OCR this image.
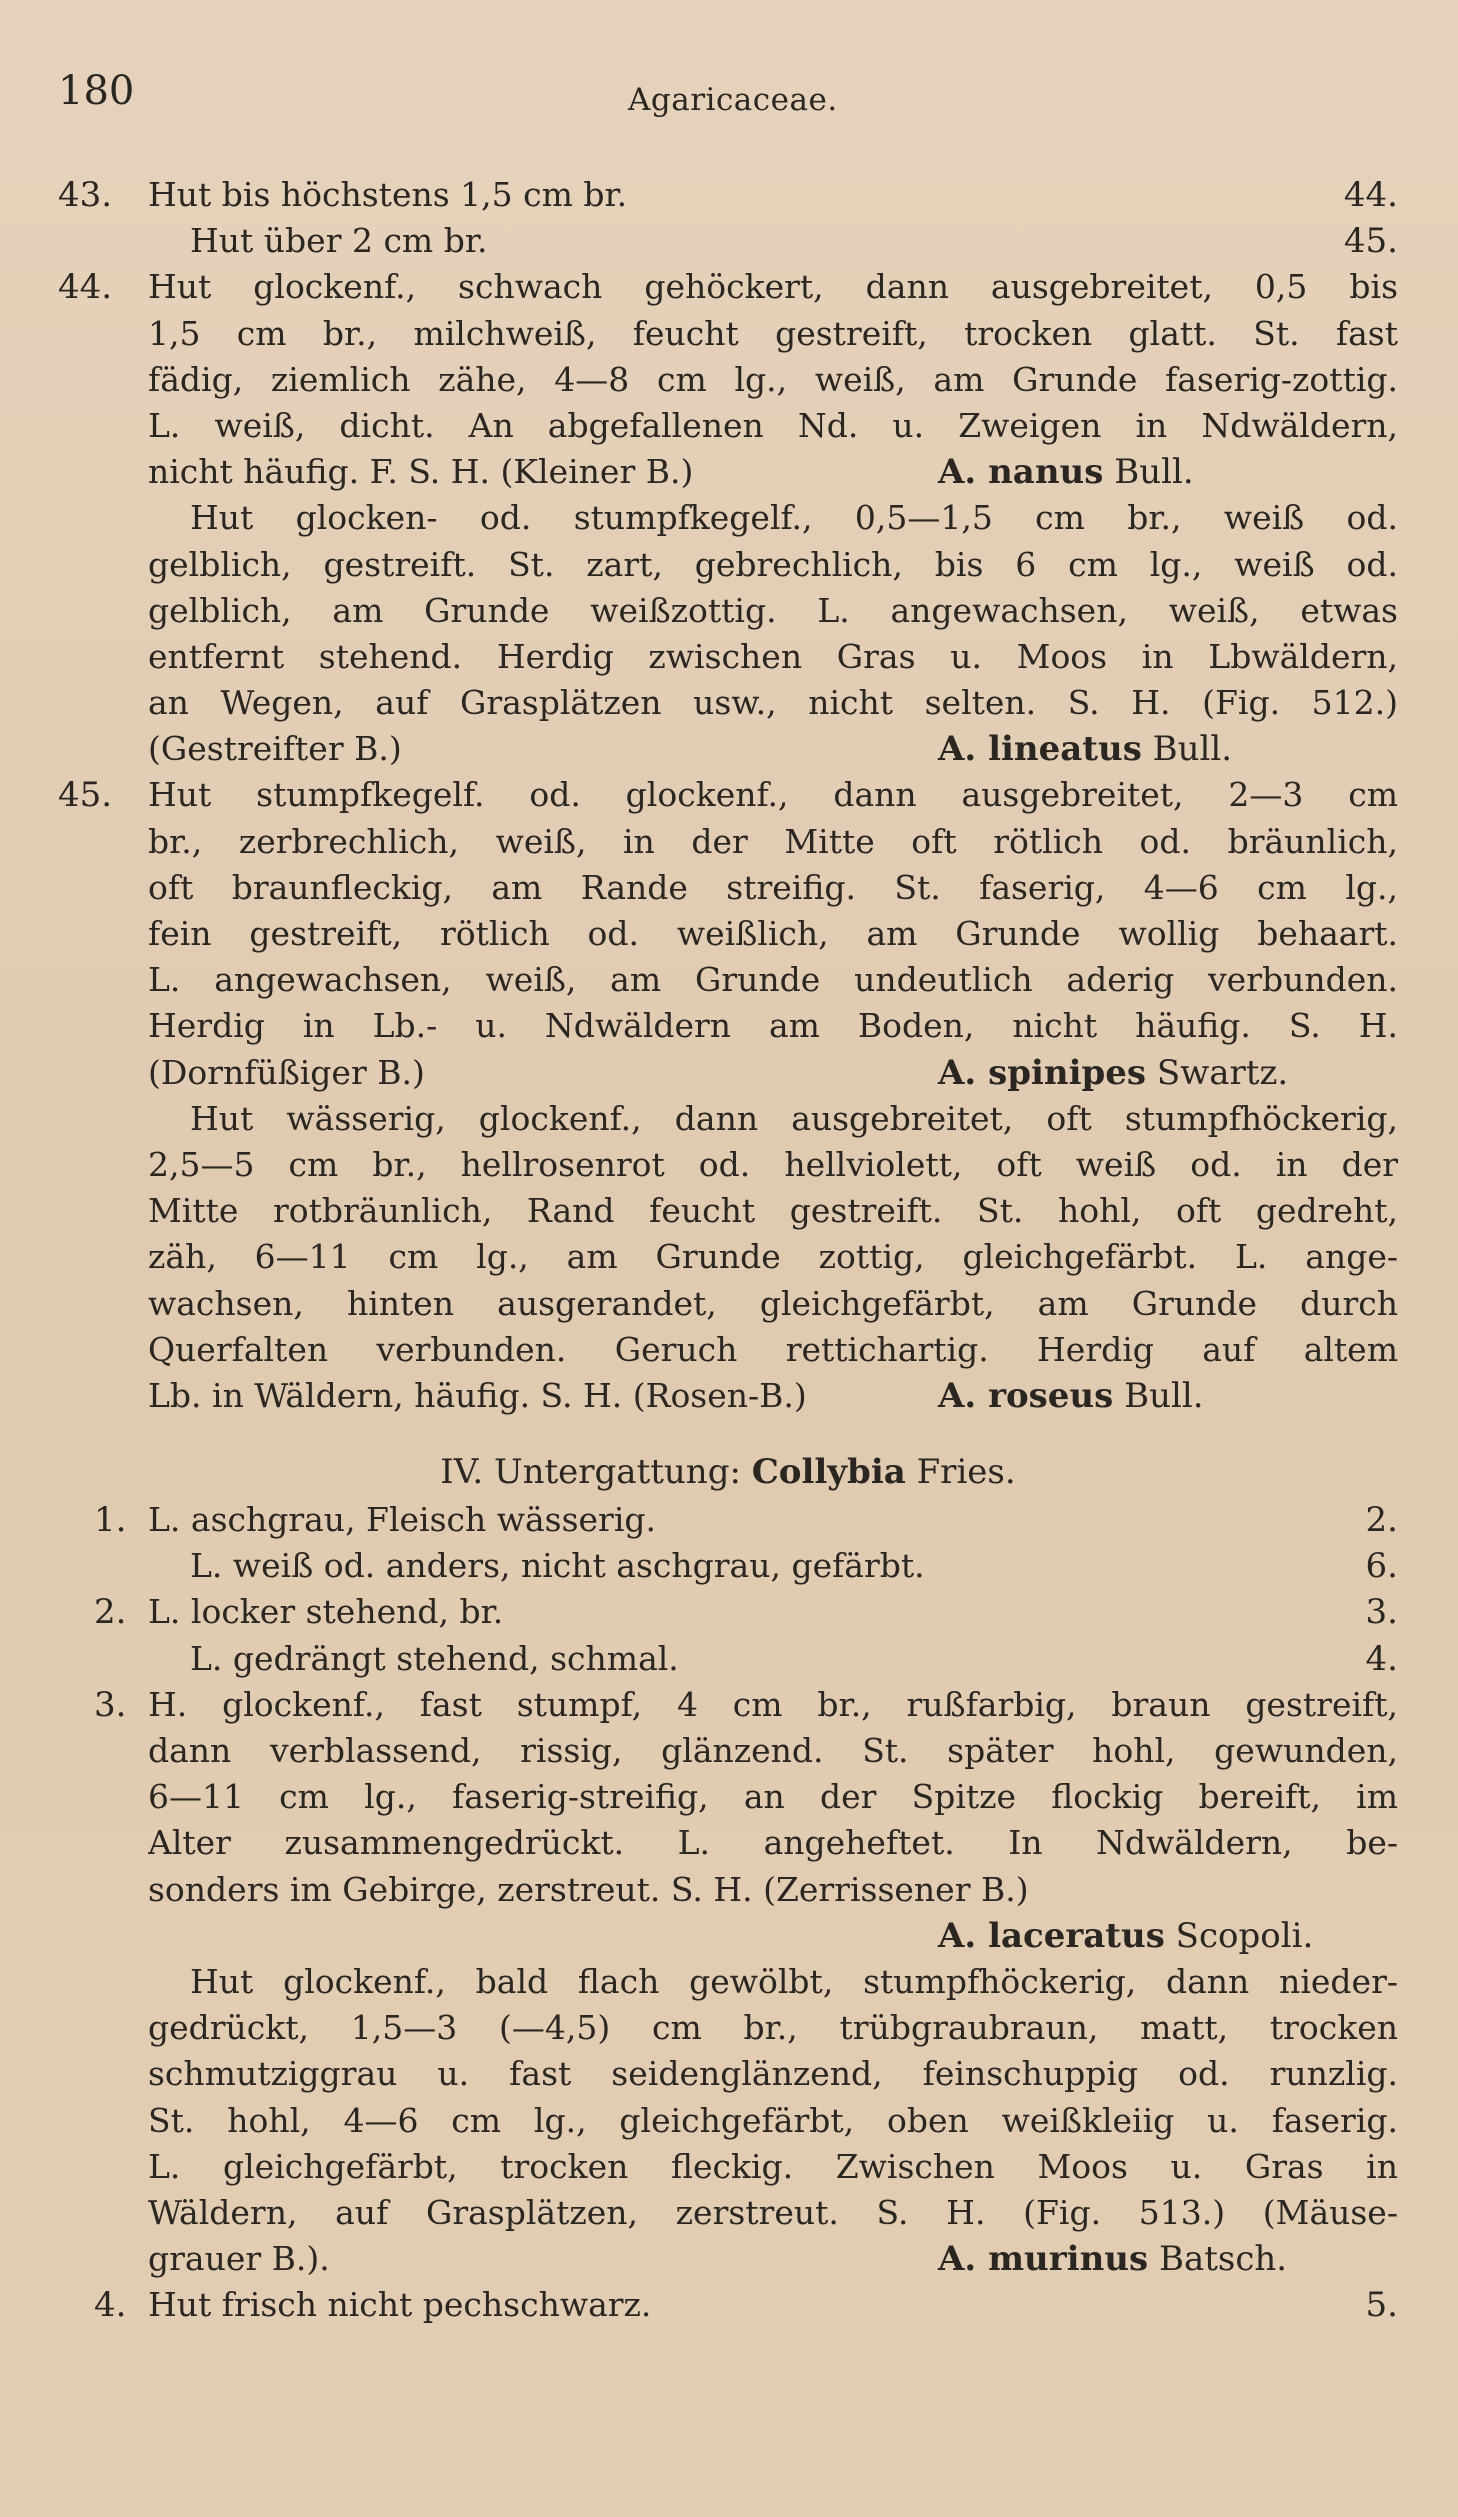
180	Agaricaceae.
43. Hut bis höchstens 1,5 cm br.	44.
Hut über 2 cm br.	45.
44. Hut glockenf., schwach gehöckert, dann ausgebreitet, 0,5 bis
1,5 cm br., milchweiß, feucht gestreift, trocken glatt. St. fast
fädig, ziemlich zähe, 4—8 cm lg., weiß, am Grunde faserig-zottig.
L. weiß, dicht. An abgefallenen Nd. u. Zweigen in Ndwäldern,
nicht häufig. F. S. H. (Kleiner B.)	A. nanus Bull.
Hut glocken- od. stumpfkegelf., 0,5—1,5 cm br., weiß od.
gelblich, gestreift. St. zart, gebrechlich, bis 6 cm lg., weiß od.
gelblich, am Grunde weißzottig. L. angewachsen, weiß, etwas
entfernt stehend. Herdig zwischen Gras u. Moos in Lbwäldern,
an Wegen, auf Grasplätzen usw., nicht selten. S. H. (Fig. 512.)
(Gestreifter B.)	A. lineatus Bull.
45. Hut stumpfkegelf. od. glockenf., dann ausgebreitet, 2—3 cm
br., zerbrechlich, weiß, in der Mitte oft rötlich od. bräunlich,
oft braunfleckig, am Rande streifig. St. faserig, 4—6 cm lg.,
fein gestreift, rötlich od. weißlich, am Grunde wollig behaart.
L. angewachsen, weiß, am Grunde undeutlich aderig verbunden.
Herdig in Lb.- u. Ndwäldern am Boden, nicht häufig. S. H.
(Dornfüßiger B.)	A. spinipes Swartz.
Hut wässerig, glockenf., dann ausgebreitet, oft stumpfhöckerig,
2,5—5 cm br., hellrosenrot od. hellviolett, oft weiß od. in der
Mitte rotbräunlich, Rand feucht gestreift. St. hohl, oft gedreht,
zäh, 6—11 cm lg., am Grunde zottig, gleichgefärbt. L. ange-
wachsen, hinten ausgerandet, gleichgefärbt, am Grunde durch
Querfalten verbunden. Geruch rettichartig. Herdig auf altem
Lb. in Wäldern, häufig. S. H. (Rosen-B.)	A. roseus Bull.
IV. Untergattung: Collybia Fries.
1. L. aschgrau, Fleisch wässerig.	2.
L. weiß od. anders, nicht aschgrau, gefärbt.	6.
2. L. locker stehend, br.	3.
L. gedrängt stehend, schmal.	4.
3. H. glockenf., fast stumpf, 4 cm br., rußfarbig, braun gestreift,
dann verblassend, rissig, glänzend. St. später hohl, gewunden,
6—11 cm lg., faserig-streifig, an der Spitze flockig bereift, im
Alter zusammengedrückt. L. angeheftet. In Ndwäldern, be-
sonders im Gebirge, zerstreut. S. H. (Zerrissener B.)
A. laceratus Scopoli.
Hut glockenf., bald flach gewölbt, stumpfhöckerig, dann nieder-
gedrückt, 1,5—3 (—4,5) cm br., trübgraubraun, matt, trocken
schmutziggrau u. fast seidenglänzend, feinschuppig od. runzlig.
St. hohl, 4—6 cm lg., gleichgefärbt, oben weißkleiig u. faserig.
L. gleichgefärbt, trocken fleckig. Zwischen Moos u. Gras in
Wäldern, auf Grasplätzen, zerstreut. S. H. (Fig. 513.) (Mäuse-
grauer B.).	A. murinus Batsch.
4. Hut frisch nicht pechschwarz.	5.
